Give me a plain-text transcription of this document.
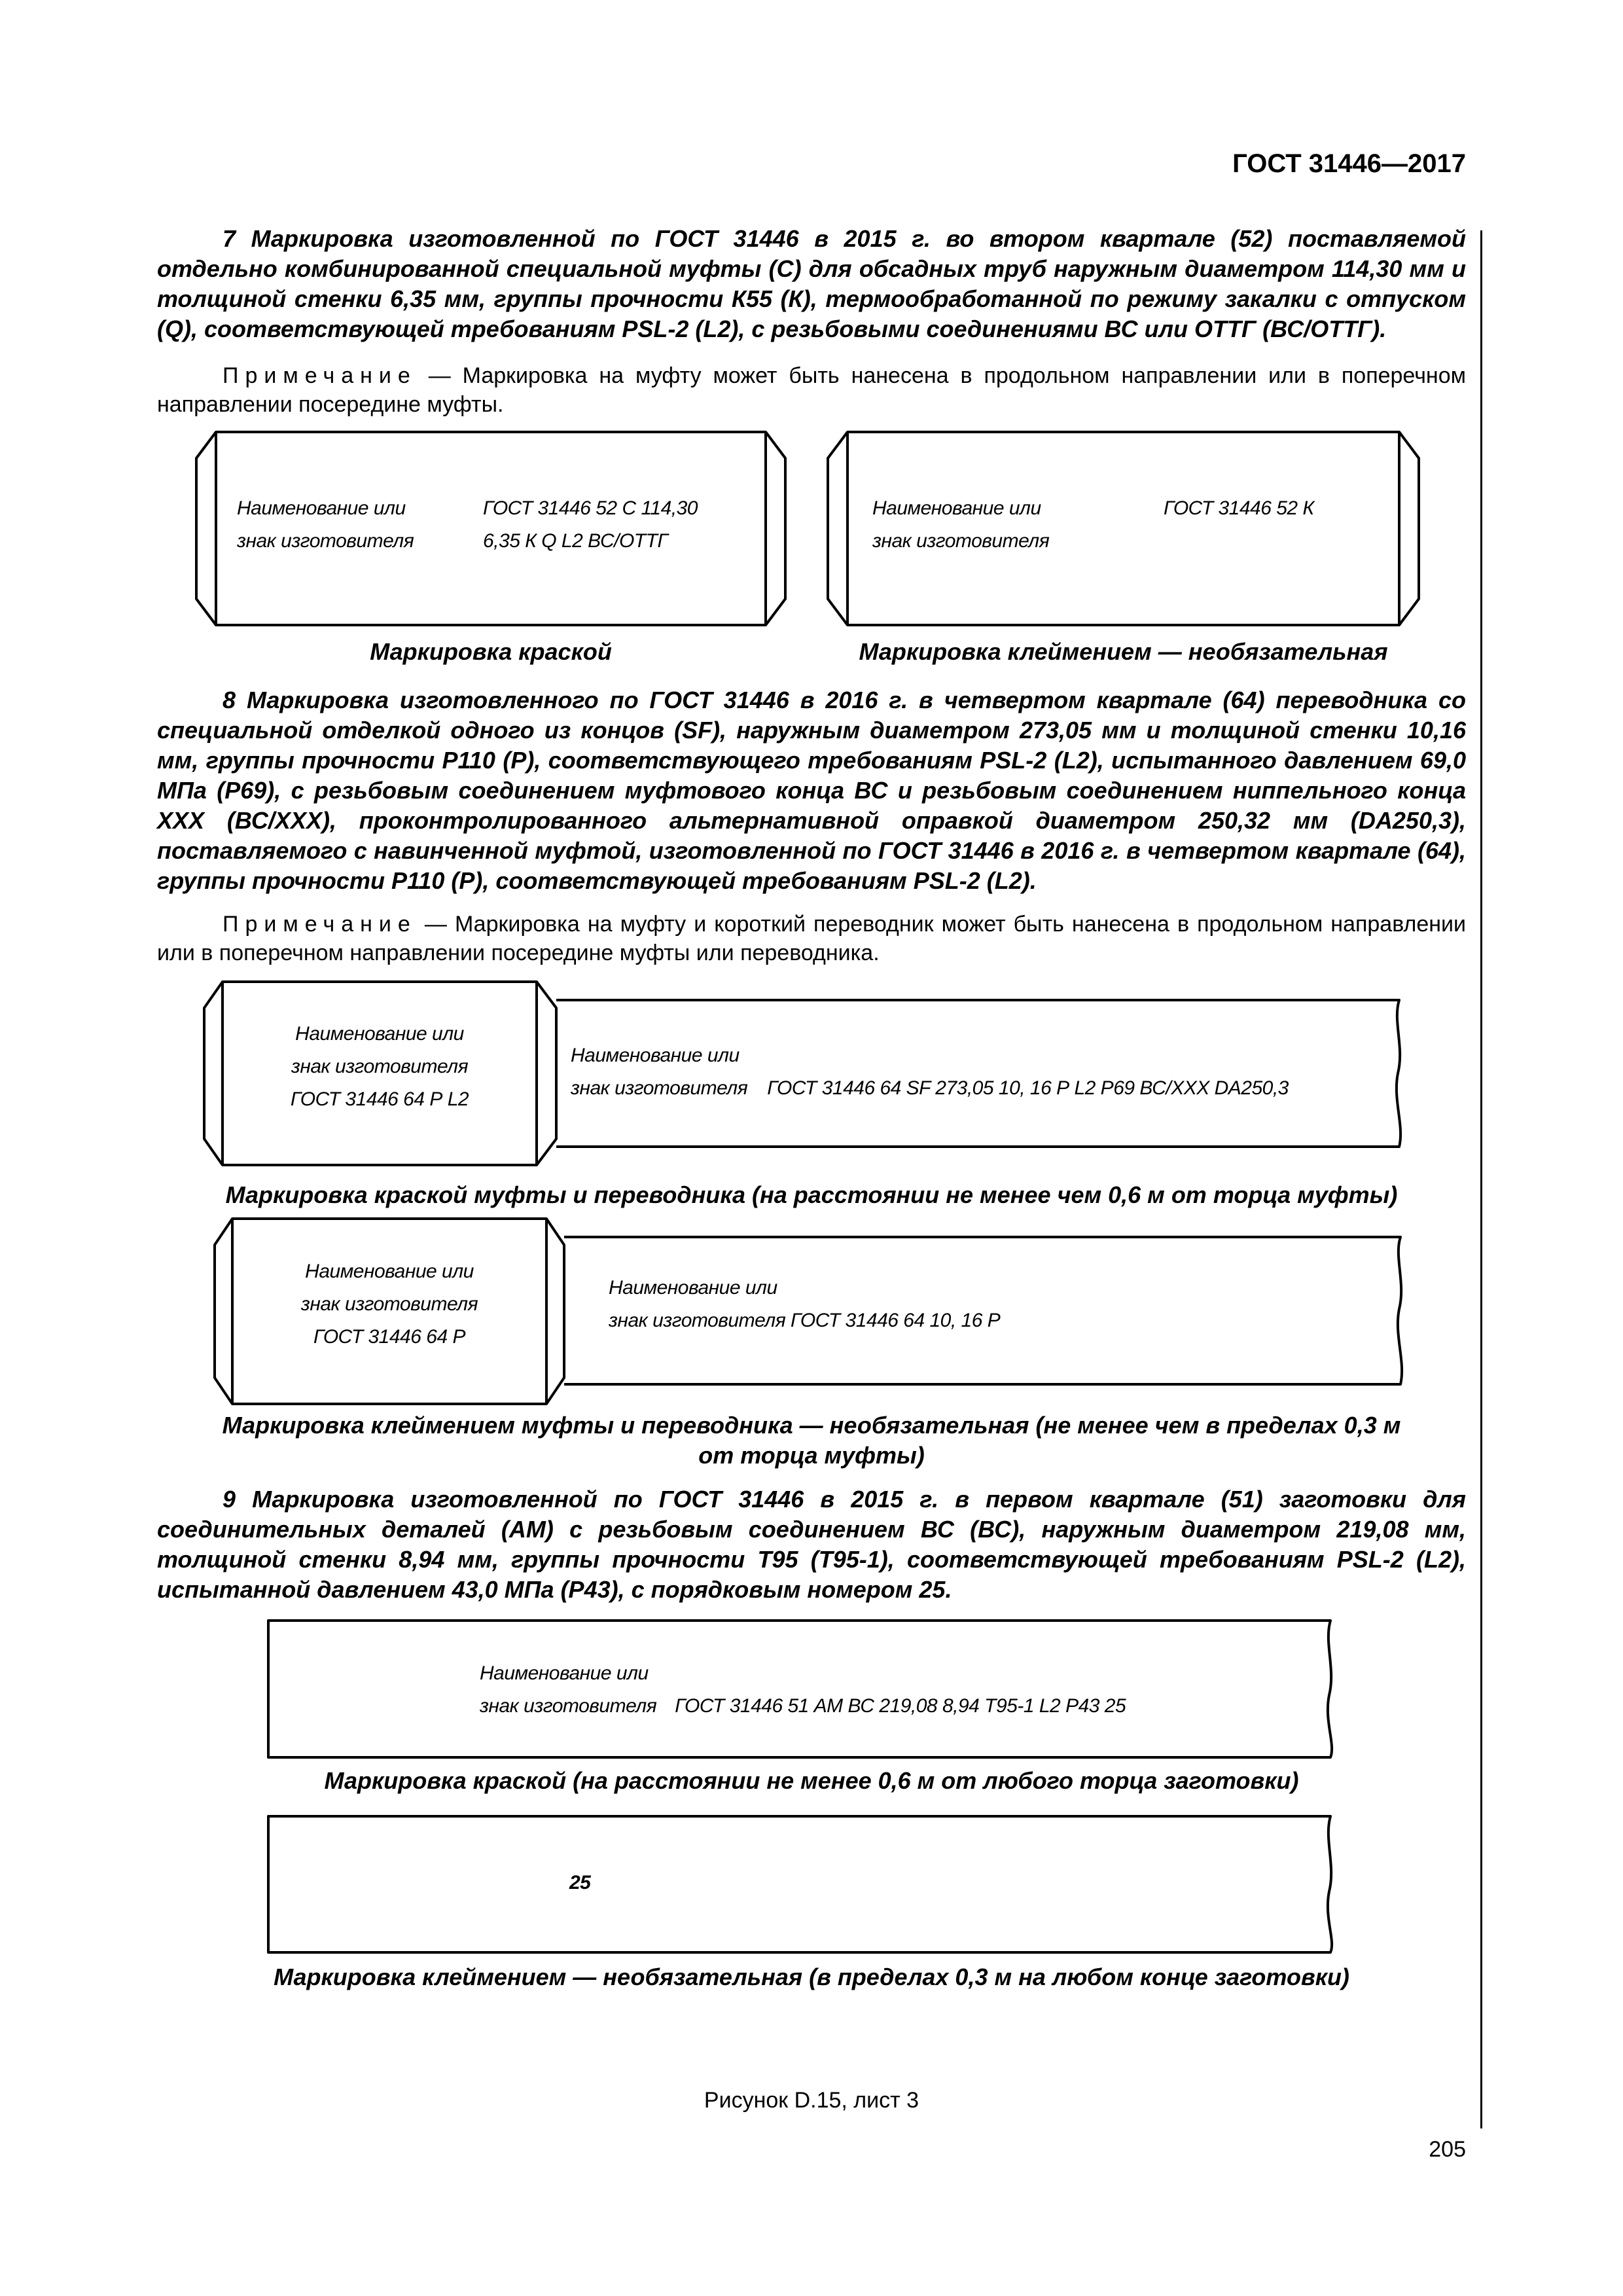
ГОСТ 31446—2017

7 Маркировка изготовленной по ГОСТ 31446 в 2015 г. во втором квартале (52) поставляемой отдельно комбинированной специальной муфты (С) для обсадных труб наружным диаметром 114,30 мм и толщиной стенки 6,35 мм, группы прочности К55 (К), термообработанной по режиму закалки с отпуском (Q), соответствующей требованиям PSL-2 (L2), с резьбовыми соединениями ВС или ОТТГ (ВС/ОТТГ).

Примечание — Маркировка на муфту может быть нанесена в продольном направлении или в поперечном направлении посередине муфты.

Наименование или
знак изготовителя
ГОСТ 31446 52 С 114,30
6,35 К Q L2 ВС/ОТТГ
Маркировка краской
Наименование или
знак изготовителя
ГОСТ 31446 52 К
Маркировка клеймением — необязательная

8 Маркировка изготовленного по ГОСТ 31446 в 2016 г. в четвертом квартале (64) переводника со специальной отделкой одного из концов (SF), наружным диаметром 273,05 мм и толщиной стенки 10,16 мм, группы прочности Р110 (Р), соответствующего требованиям PSL-2 (L2), испытанного давлением 69,0 МПа (Р69), с резьбовым соединением муфтового конца ВС и резьбовым соединением ниппельного конца ХХХ (ВС/ХХХ), проконтролированного альтернативной оправкой диаметром 250,32 мм (DA250,3), поставляемого с навинченной муфтой, изготовленной по ГОСТ 31446 в 2016 г. в четвертом квартале (64), группы прочности Р110 (Р), соответствующей требованиям PSL-2 (L2).

Примечание — Маркировка на муфту и короткий переводник может быть нанесена в продольном направлении или в поперечном направлении посередине муфты или переводника.

Наименование или
знак изготовителя
ГОСТ 31446 64 Р L2
Наименование или
знак изготовителя ГОСТ 31446 64 SF 273,05 10, 16 Р L2 Р69 ВС/ХХХ DA250,3
Маркировка краской муфты и переводника (на расстоянии не менее чем 0,6 м от торца муфты)
Наименование или
знак изготовителя
ГОСТ 31446 64 Р
Наименование или
знак изготовителя ГОСТ 31446 64 10, 16 Р
Маркировка клеймением муфты и переводника — необязательная (не менее чем в пределах 0,3 м
от торца муфты)

9 Маркировка изготовленной по ГОСТ 31446 в 2015 г. в первом квартале (51) заготовки для соединительных деталей (АМ) с резьбовым соединением ВС (ВС), наружным диаметром 219,08 мм, толщиной стенки 8,94 мм, группы прочности Т95 (Т95-1), соответствующей требованиям PSL-2 (L2), испытанной давлением 43,0 МПа (Р43), с порядковым номером 25.

Наименование или
знак изготовителя ГОСТ 31446 51 АМ ВС 219,08 8,94 Т95-1 L2 Р43 25
Маркировка краской (на расстоянии не менее 0,6 м от любого торца заготовки)
25
Маркировка клеймением — необязательная (в пределах 0,3 м на любом конце заготовки)
Рисунок D.15, лист 3
205
